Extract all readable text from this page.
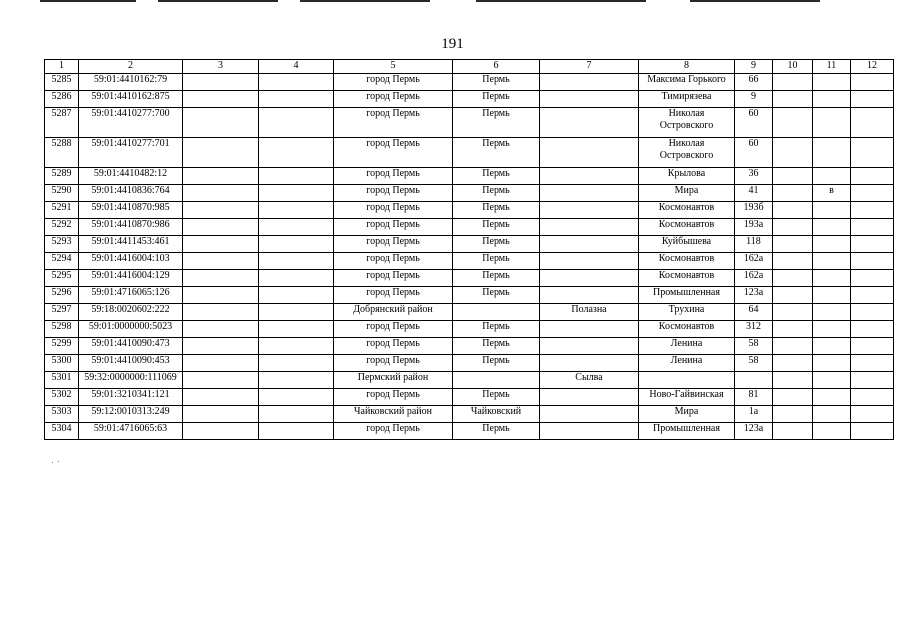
191
1	2	3	4	5	6	7	8	9	10	11	12
5285	59:01:4410162:79			город Пермь	Пермь		Максима Горького	66			
5286	59:01:4410162:875			город Пермь	Пермь		Тимирязева	9			
5287	59:01:4410277:700			город Пермь	Пермь		Николая Островского	60			
5288	59:01:4410277:701			город Пермь	Пермь		Николая Островского	60			
5289	59:01:4410482:12			город Пермь	Пермь		Крылова	36			
5290	59:01:4410836:764			город Пермь	Пермь		Мира	41		в	
5291	59:01:4410870:985			город Пермь	Пермь		Космонавтов	193б			
5292	59:01:4410870:986			город Пермь	Пермь		Космонавтов	193а			
5293	59:01:4411453:461			город Пермь	Пермь		Куйбышева	118			
5294	59:01:4416004:103			город Пермь	Пермь		Космонавтов	162а			
5295	59:01:4416004:129			город Пермь	Пермь		Космонавтов	162а			
5296	59:01:4716065:126			город Пермь	Пермь		Промышленная	123а			
5297	59:18:0020602:222			Добрянский район		Полазна	Трухина	64			
5298	59:01:0000000:5023			город Пермь	Пермь		Космонавтов	312			
5299	59:01:4410090:473			город Пермь	Пермь		Ленина	58			
5300	59:01:4410090:453			город Пермь	Пермь		Ленина	58			
5301	59:32:0000000:111069			Пермский район		Сылва					
5302	59:01:3210341:121			город Пермь	Пермь		Ново-Гайвинская	81			
5303	59:12:0010313:249			Чайковский район	Чайковский		Мира	1а			
5304	59:01:4716065:63			город Пермь	Пермь		Промышленная	123а			
